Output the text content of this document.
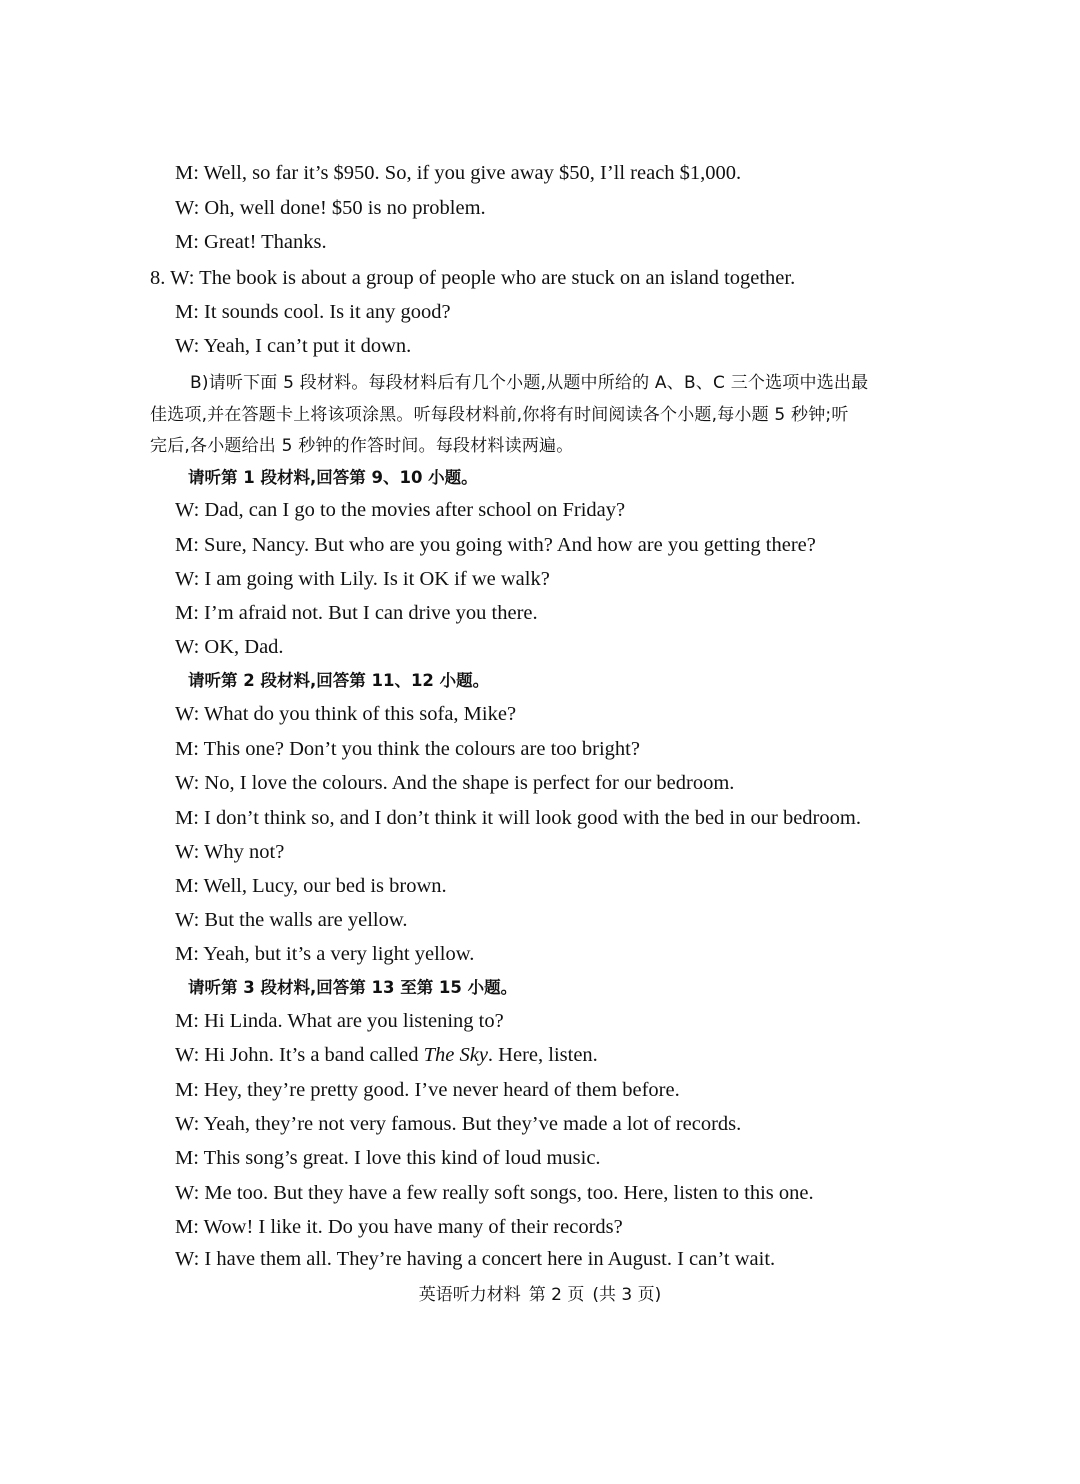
M: Well, so far it’s $950. So, if you give away $50, I’ll reach $1,000.
W: Oh, well done! $50 is no problem.
M: Great! Thanks.
8. W: The book is about a group of people who are stuck on an island together.
M: It sounds cool. Is it any good?
W: Yeah, I can’t put it down.
B)请听下面 5 段材料。每段材料后有几个小题,从题中所给的 A、B、C 三个选项中选出最
佳选项,并在答题卡上将该项涂黑。听每段材料前,你将有时间阅读各个小题,每小题 5 秒钟;听
完后,各小题给出 5 秒钟的作答时间。每段材料读两遍。
请听第 1 段材料,回答第 9、10 小题。
W: Dad, can I go to the movies after school on Friday?
M: Sure, Nancy. But who are you going with? And how are you getting there?
W: I am going with Lily. Is it OK if we walk?
M: I’m afraid not. But I can drive you there.
W: OK, Dad.
请听第 2 段材料,回答第 11、12 小题。
W: What do you think of this sofa, Mike?
M: This one? Don’t you think the colours are too bright?
W: No, I love the colours. And the shape is perfect for our bedroom.
M: I don’t think so, and I don’t think it will look good with the bed in our bedroom.
W: Why not?
M: Well, Lucy, our bed is brown.
W: But the walls are yellow.
M: Yeah, but it’s a very light yellow.
请听第 3 段材料,回答第 13 至第 15 小题。
M: Hi Linda. What are you listening to?
W: Hi John. It’s a band called The Sky. Here, listen.
M: Hey, they’re pretty good. I’ve never heard of them before.
W: Yeah, they’re not very famous. But they’ve made a lot of records.
M: This song’s great. I love this kind of loud music.
W: Me too. But they have a few really soft songs, too. Here, listen to this one.
M: Wow! I like it. Do you have many of their records?
W: I have them all. They’re having a concert here in August. I can’t wait.
英语听力材料 第 2 页 (共 3 页)
